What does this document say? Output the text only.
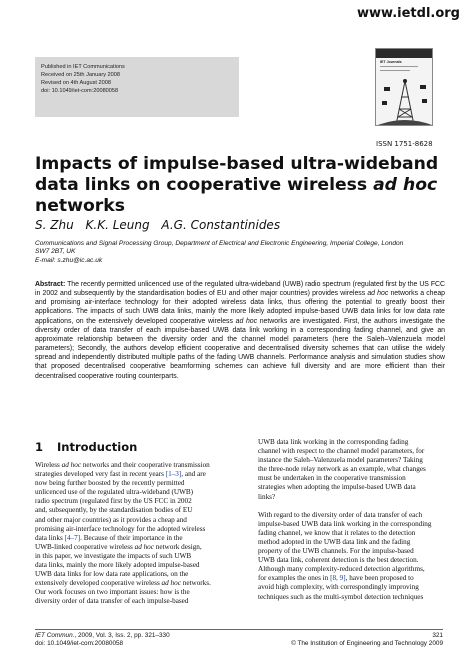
www.ietdl.org
Published in IET Communications
Received on 25th January 2008
Revised on 4th August 2008
doi: 10.1049/iet-com:20080058
IET Journals
ISSN 1751-8628
Impacts of impulse-based ultra-wideband data links on cooperative wireless ad hoc networks
S. Zhu K.K. Leung A.G. Constantinides
Communications and Signal Processing Group, Department of Electrical and Electronic Engineering, Imperial College, London
SW7 2BT, UK
E-mail: s.zhu@ic.ac.uk

Abstract: The recently permitted unlicenced use of the regulated ultra-wideband (UWB) radio spectrum (regulated first by the US FCC in 2002 and subsequently by the standardisation bodies of EU and other major countries) provides wireless ad hoc networks a cheap and promising air-interface technology for their adopted wireless data links, thus offering the potential to greatly boost their applications. The impacts of such UWB data links, mainly the more likely adopted impulse-based UWB data links for low data rate applications, on the extensively developed cooperative wireless ad hoc networks are investigated. First, the authors investigate the diversity order of data transfer of each impulse-based UWB data link working in a corresponding fading channel, and give an approximate relationship between the diversity order and the channel model parameters (here the Saleh–Valenzuela model parameters); Secondly, the authors develop efficient cooperative and decentralised diversity schemes that can utilise the widely spread and independently distributed multiple paths of the fading UWB channels. Performance analysis and simulation studies show that proposed decentralised cooperative beamforming schemes can achieve full diversity and are more efficient than their decentralised cooperative routing counterparts.

1 Introduction
Wireless ad hoc networks and their cooperative transmission
strategies developed very fast in recent years [1–3], and are
now being further boosted by the recently permitted
unlicenced use of the regulated ultra-wideband (UWB)
radio spectrum (regulated first by the US FCC in 2002
and, subsequently, by the standardisation bodies of EU
and other major countries) as it provides a cheap and
promising air-interface technology for the adopted wireless
data links [4–7]. Because of their importance in the
UWB-linked cooperative wireless ad hoc network design,
in this paper, we investigate the impacts of such UWB
data links, mainly the more likely adopted impulse-based
UWB data links for low data rate applications, on the
extensively developed cooperative wireless ad hoc networks.
Our work focuses on two important issues: how is the
diversity order of data transfer of each impulse-based
UWB data link working in the corresponding fading
channel with respect to the channel model parameters, for
instance the Saleh–Valenzuela model parameters? Taking
the three-node relay network as an example, what changes
must be undertaken in the cooperative transmission
strategies when adopting the impulse-based UWB data
links?
With regard to the diversity order of data transfer of each
impulse-based UWB data link working in the corresponding
fading channel, we know that it relates to the detection
method adopted in the UWB data link and the fading
property of the UWB channels. For the impulse-based
UWB data link, coherent detection is the best detection.
Although many complexity-reduced detection algorithms,
for examples the ones in [8, 9], have been proposed to
avoid high complexity, with correspondingly improving
techniques such as the multi-symbol detection techniques
IET Commun., 2009, Vol. 3, Iss. 2, pp. 321–330
doi: 10.1049/iet-com:20080058
321
© The Institution of Engineering and Technology 2009
